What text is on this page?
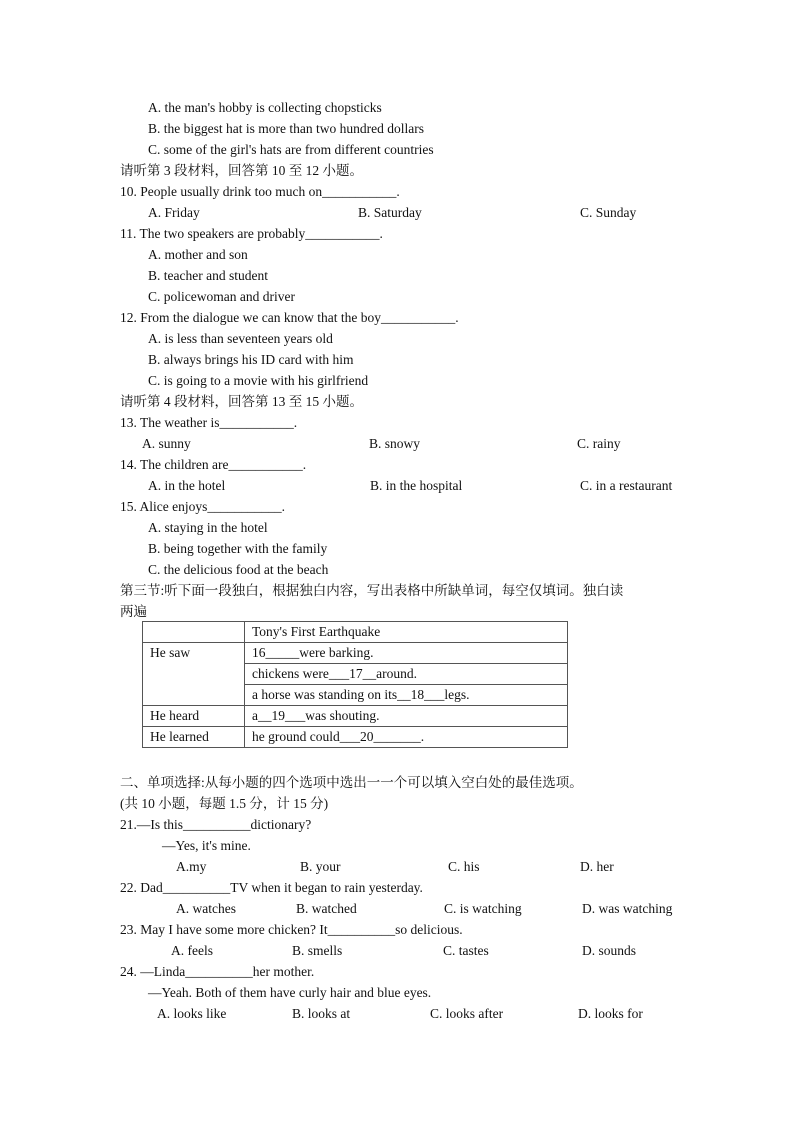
A. the man's hobby is collecting chopsticks
B. the biggest hat is more than two hundred dollars
C. some of the girl's hats are from different countries
请听第 3 段材料，回答第 10 至 12 小题。
10. People usually drink too much on___________.
A. Friday	B. Saturday	C. Sunday
11. The two speakers are probably___________.
A. mother and son
B. teacher and student
C. policewoman and driver
12. From the dialogue we can know that the boy___________.
A. is less than seventeen years old
B. always brings his ID card with him
C. is going to a movie with his girlfriend
请听第 4 段材料，回答第 13 至 15 小题。
13. The weather is___________.
A. sunny	B. snowy	C. rainy
14. The children are___________.
A. in the hotel	B. in the hospital	C. in a restaurant
15. Alice enjoys___________.
A. staying in the hotel
B. being together with the family
C. the delicious food at the beach
第三节:听下面一段独白，根据独白内容，写出表格中所缺单词，每空仅填词。独白读
两遍
	Tony's First Earthquake
He saw	16_____were barking.
	chickens were___17__around.
	a horse was standing on its__18___legs.
He heard	a__19___was shouting.
He learned	he ground could___20_______.
二、单项选择:从每小题的四个选项中选出一一个可以填入空白处的最佳选项。
(共 10 小题，每题 1.5 分，计 15 分)
21.—Is this__________dictionary?
—Yes, it's mine.
A.my	B. your	C. his	D. her
22. Dad__________TV when it began to rain yesterday.
A. watches	B. watched	C. is watching	D. was watching
23. May I have some more chicken? It__________so delicious.
A. feels	B. smells	C. tastes	D. sounds
24. —Linda__________her mother.
—Yeah. Both of them have curly hair and blue eyes.
A. looks like	B. looks at	C. looks after	D. looks for
